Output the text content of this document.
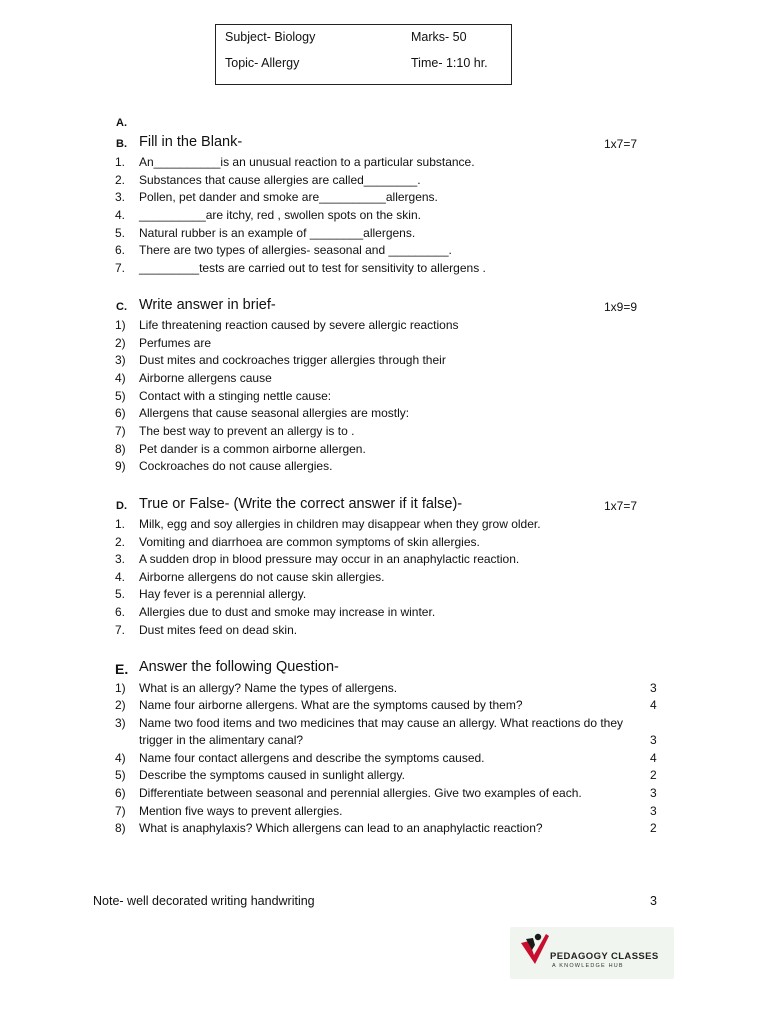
Subject- Biology	Marks- 50
Topic- Allergy	Time- 1:10 hr.
A.
B. Fill in the Blank-	1x7=7
1. An__________is an unusual reaction to a particular substance.
2. Substances that cause allergies are called________.
3. Pollen, pet dander and smoke are__________allergens.
4. __________are itchy, red , swollen spots on the skin.
5. Natural rubber is an example of ________allergens.
6. There are two types of allergies- seasonal and _________.
7. _________tests are carried out to test for sensitivity to allergens .
C. Write answer in brief-	1x9=9
1) Life threatening reaction caused by severe allergic reactions
2) Perfumes are
3) Dust mites and cockroaches trigger allergies through their
4) Airborne allergens cause
5) Contact with a stinging nettle cause:
6) Allergens that cause seasonal allergies are mostly:
7) The best way to prevent an allergy is to .
8) Pet dander is a common airborne allergen.
9) Cockroaches do not cause allergies.
D. True or False- (Write the correct answer if it false)-	1x7=7
1. Milk, egg and soy allergies in children may disappear when they grow older.
2. Vomiting and diarrhoea are common symptoms of skin allergies.
3. A sudden drop in blood pressure may occur in an anaphylactic reaction.
4. Airborne allergens do not cause skin allergies.
5. Hay fever is a perennial allergy.
6. Allergies due to dust and smoke may increase in winter.
7. Dust mites feed on dead skin.
E. Answer the following Question-
1) What is an allergy? Name the types of allergens.	3
2) Name four airborne allergens. What are the symptoms caused by them?	4
3) Name two food items and two medicines that may cause an allergy. What reactions do they
trigger in the alimentary canal?	3
4) Name four contact allergens and describe the symptoms caused.	4
5) Describe the symptoms caused in sunlight allergy.	2
6) Differentiate between seasonal and perennial allergies. Give two examples of each.	3
7) Mention five ways to prevent allergies.	3
8) What is anaphylaxis? Which allergens can lead to an anaphylactic reaction?	2
Note- well decorated writing handwriting	3
PEDAGOGY CLASSES
A KNOWLEDGE HUB
